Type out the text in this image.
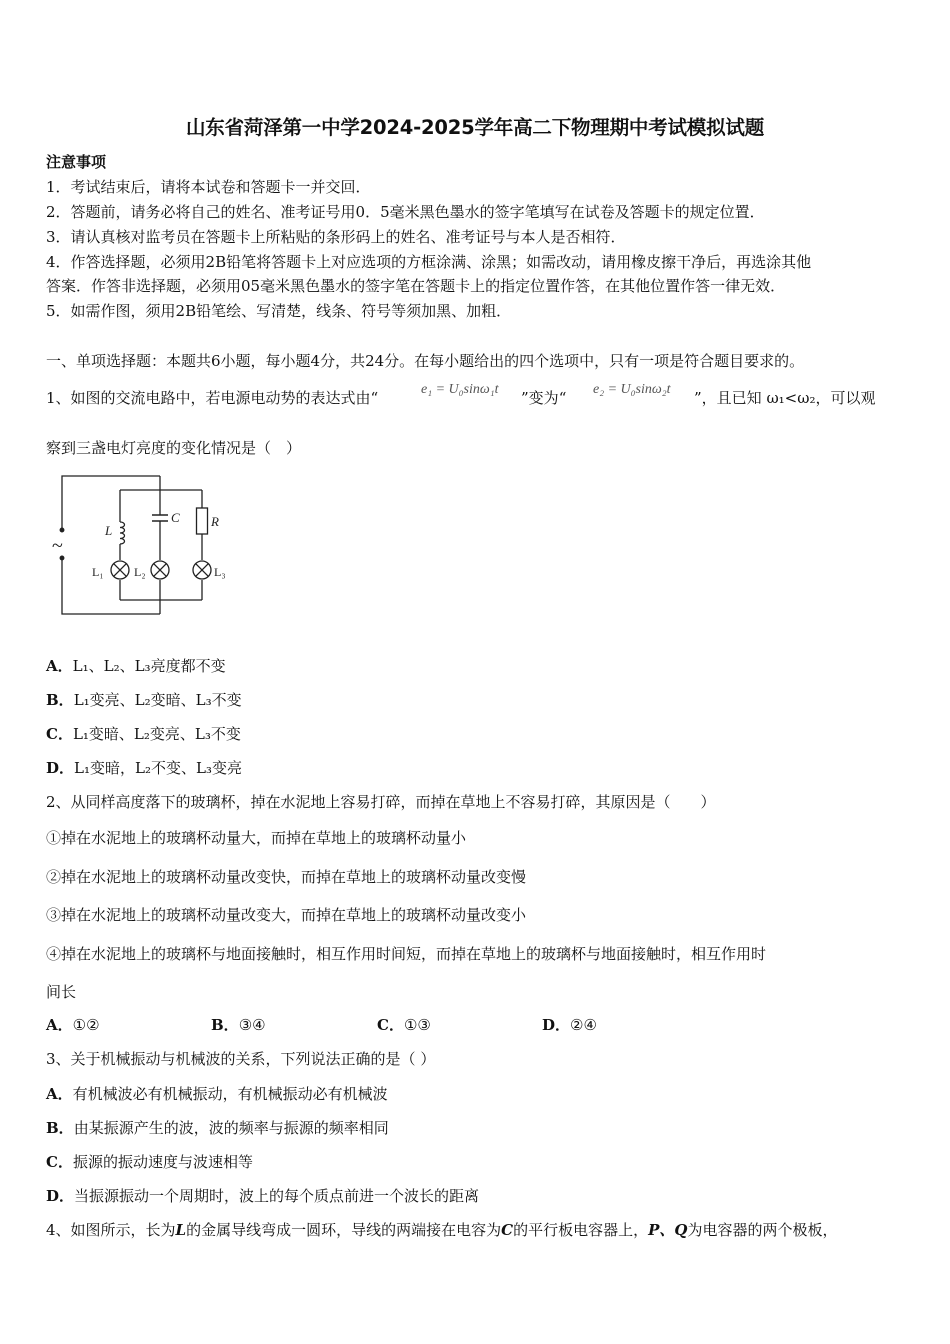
山东省菏泽第一中学2024-2025学年高二下物理期中考试模拟试题
注意事项
1．考试结束后，请将本试卷和答题卡一并交回．
2．答题前，请务必将自己的姓名、准考证号用0．5毫米黑色墨水的签字笔填写在试卷及答题卡的规定位置．
3．请认真核对监考员在答题卡上所粘贴的条形码上的姓名、准考证号与本人是否相符．
4．作答选择题，必须用2B铅笔将答题卡上对应选项的方框涂满、涂黑；如需改动，请用橡皮擦干净后，再选涂其他
答案．作答非选择题，必须用05毫米黑色墨水的签字笔在答题卡上的指定位置作答，在其他位置作答一律无效．
5．如需作图，须用2B铅笔绘、写清楚，线条、符号等须加黑、加粗．
一、单项选择题：本题共6小题，每小题4分，共24分。在每小题给出的四个选项中，只有一项是符合题目要求的。
1、如图的交流电路中，若电源电动势的表达式由“	e₁ = U₀sinω₁t ”变为“ e₂ = U₀sinω₂t ”，且已知 ω₁<ω₂，可以观
察到三盏电灯亮度的变化情况是（　）
~
L
C R
L₁	L₂	L₃
A．L₁、L₂、L₃亮度都不变
B．L₁变亮、L₂变暗、L₃不变
C．L₁变暗、L₂变亮、L₃不变
D．L₁变暗，L₂不变、L₃变亮
2、从同样高度落下的玻璃杯，掉在水泥地上容易打碎，而掉在草地上不容易打碎，其原因是（　　）
①掉在水泥地上的玻璃杯动量大，而掉在草地上的玻璃杯动量小
②掉在水泥地上的玻璃杯动量改变快，而掉在草地上的玻璃杯动量改变慢
③掉在水泥地上的玻璃杯动量改变大，而掉在草地上的玻璃杯动量改变小
④掉在水泥地上的玻璃杯与地面接触时，相互作用时间短，而掉在草地上的玻璃杯与地面接触时，相互作用时
间长
A．①②	B．③④	C．①③	D．②④
3、关于机械振动与机械波的关系，下列说法正确的是（ ）
A．有机械波必有机械振动，有机械振动必有机械波
B．由某振源产生的波，波的频率与振源的频率相同
C．振源的振动速度与波速相等
D．当振源振动一个周期时，波上的每个质点前进一个波长的距离
4、如图所示，长为L的金属导线弯成一圆环，导线的两端接在电容为C的平行板电容器上，P、Q为电容器的两个极板，
